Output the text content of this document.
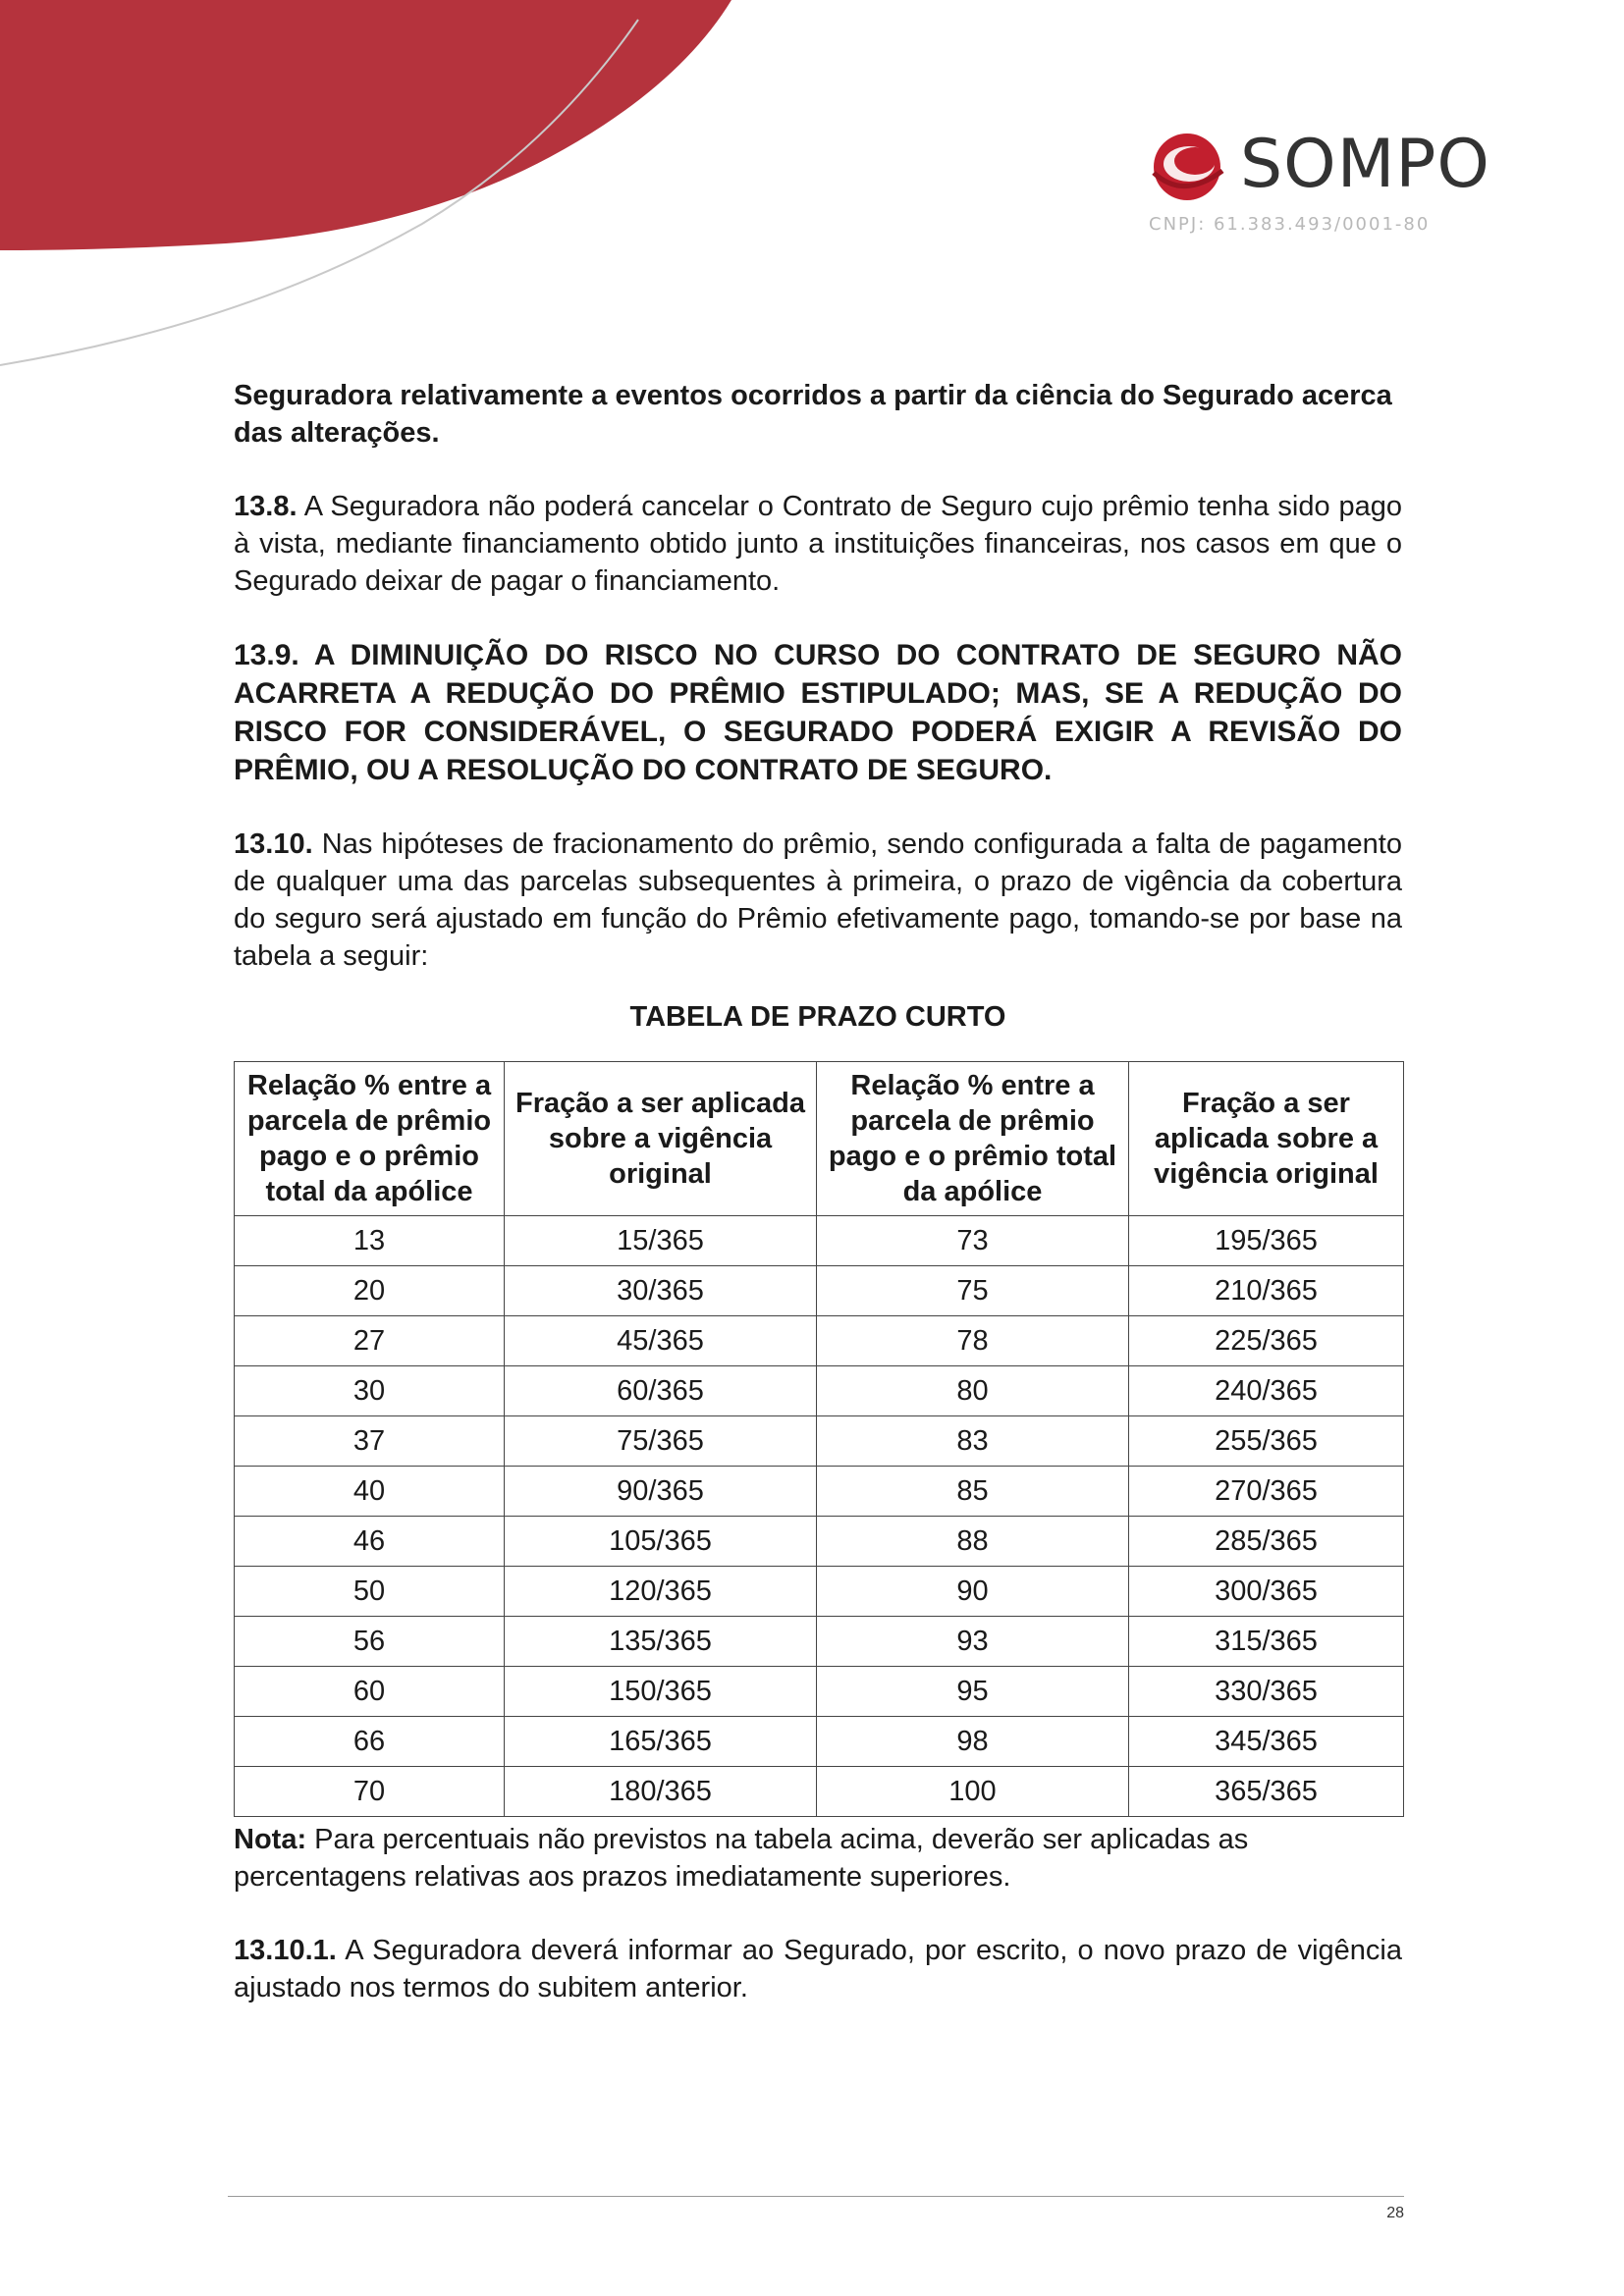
SOMPO
CNPJ: 61.383.493/0001-80

Seguradora relativamente a eventos ocorridos a partir da ciência do Segurado acerca das alterações.

13.8. A Seguradora não poderá cancelar o Contrato de Seguro cujo prêmio tenha sido pago à vista, mediante financiamento obtido junto a instituições financeiras, nos casos em que o Segurado deixar de pagar o financiamento.

13.9. A DIMINUIÇÃO DO RISCO NO CURSO DO CONTRATO DE SEGURO NÃO ACARRETA A REDUÇÃO DO PRÊMIO ESTIPULADO; MAS, SE A REDUÇÃO DO RISCO FOR CONSIDERÁVEL, O SEGURADO PODERÁ EXIGIR A REVISÃO DO PRÊMIO, OU A RESOLUÇÃO DO CONTRATO DE SEGURO.

13.10. Nas hipóteses de fracionamento do prêmio, sendo configurada a falta de pagamento de qualquer uma das parcelas subsequentes à primeira, o prazo de vigência da cobertura do seguro será ajustado em função do Prêmio efetivamente pago, tomando-se por base na tabela a seguir:

TABELA DE PRAZO CURTO
Relação % entre a parcela de prêmio pago e o prêmio total da apólice	Fração a ser aplicada sobre a vigência original	Relação % entre a parcela de prêmio pago e o prêmio total da apólice	Fração a ser aplicada sobre a vigência original
13	15/365	73	195/365
20	30/365	75	210/365
27	45/365	78	225/365
30	60/365	80	240/365
37	75/365	83	255/365
40	90/365	85	270/365
46	105/365	88	285/365
50	120/365	90	300/365
56	135/365	93	315/365
60	150/365	95	330/365
66	165/365	98	345/365
70	180/365	100	365/365

Nota: Para percentuais não previstos na tabela acima, deverão ser aplicadas as percentagens relativas aos prazos imediatamente superiores.

13.10.1. A Seguradora deverá informar ao Segurado, por escrito, o novo prazo de vigência ajustado nos termos do subitem anterior.

28
